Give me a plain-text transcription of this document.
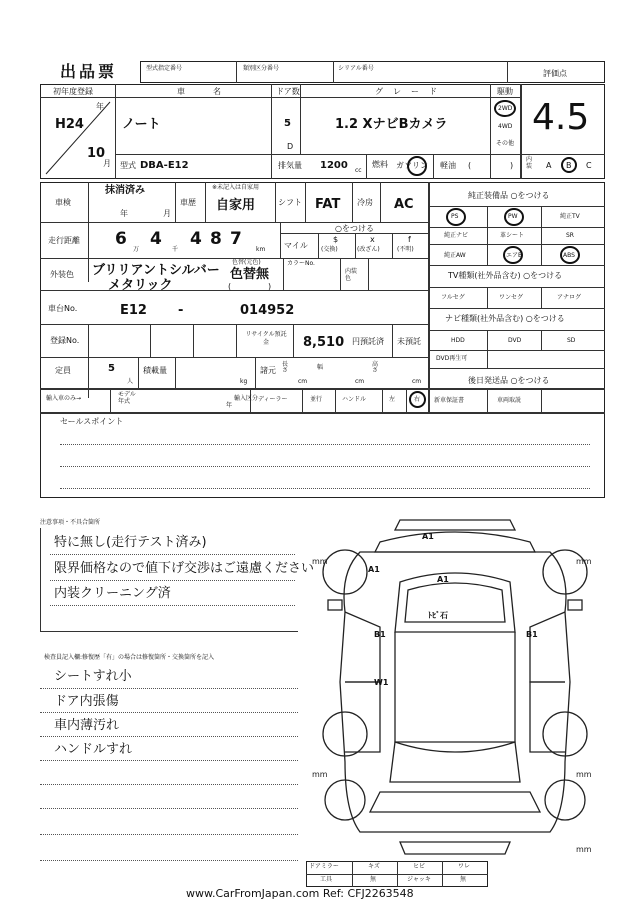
出品票	型式指定番号	類別区分番号	シリアル番号
評価点
初年度登録
年
H24
10
月
車名
ノート
ドア数
5
D
グレード
1.2 XナビBカメラ
駆動
2WD
4WD
その他
4.5
型式 DBA-E12	排気量 1200 cc
燃料 ガソリン 軽油 (	)
内装	A B C
車検
抹消済み
年	月
車歴
※未記入は自家用
自家用	シフト FAT 冷房 AC
走行距離 6
万
4
千
4 8 7
km
○をつける
マイル
$
(交換)
x
(改ざん)
f
(不明)
外装色 ブリリアントシルバー
メタリック
色替(元色)
色替無
(	)
カラーNo.
内装色
車台No.	E12 -	014952
登録No.
リサイクル預託金	8,510 円預託済 未預託
定員	5
人
積載量
kg
諸元
長さ
cm
幅
cm
高さ
cm
輸入車のみ→
モデル年式
年
輸入区分 ディーラー	並行	ハンドル	左	右
純正装備品 ○をつける
PS	PW	純正TV
純正ナビ	革シート	SR
純正AW	エアB	ABS
TV種類(社外品含む) ○をつける
フルセグ	ワンセグ	アナログ
ナビ種類(社外品含む) ○をつける
HDD	DVD	SD
DVD再生可
後日発送品 ○をつける
新車保証書	車両取説
セールスポイント
注意事項・不具合箇所
特に無し(走行テスト済み)
限界価格なので値下げ交渉はご遠慮ください
内装クリーニング済
検査員記入欄:修復歴「有」の場合は修復箇所・交換箇所を記入
シートすれ小
ドア内張傷
車内薄汚れ
ハンドルすれ
A1
A1
A1
ﾄﾋﾞ石
B1	B1
W1
mm	mm
mm	mm
mm
ドアミラー	キズ	ヒビ	ワレ
工具	無	ジャッキ	無
www.CarFromJapan.com Ref: CFJ2263548
